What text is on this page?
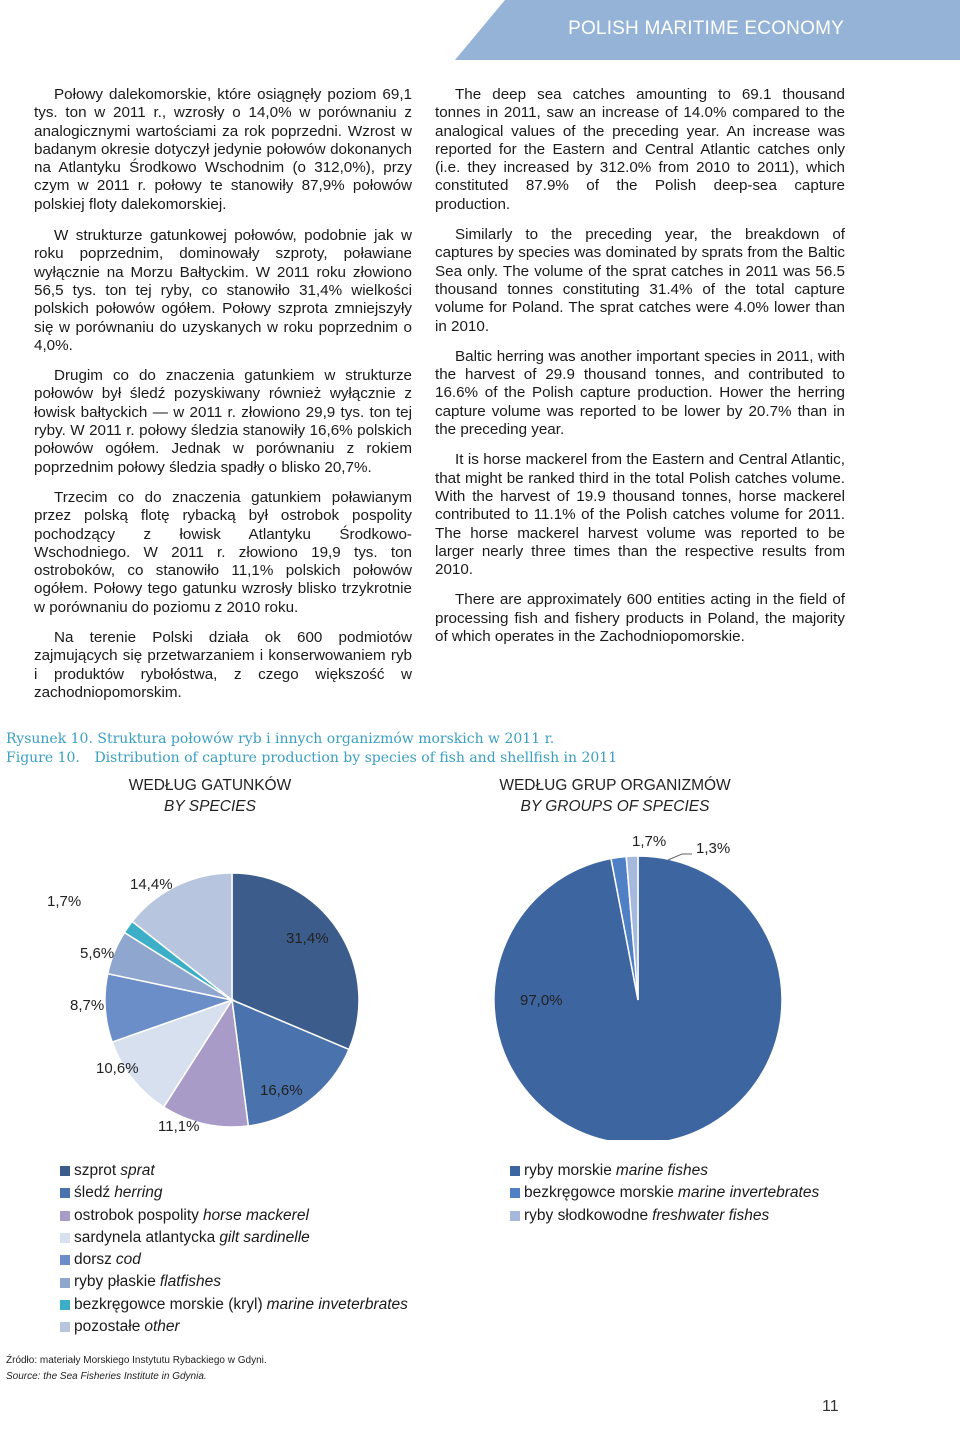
POLISH MARITIME ECONOMY

Połowy dalekomorskie, które osiągnęły poziom 69,1 tys. ton w 2011 r., wzrosły o 14,0% w porównaniu z analogicznymi wartościami za rok poprzedni. Wzrost w badanym okresie dotyczył jedynie połowów dokonanych na Atlantyku Środkowo Wschodnim (o 312,0%), przy czym w 2011 r. połowy te stanowiły 87,9% połowów polskiej floty dalekomorskiej.

W strukturze gatunkowej połowów, podobnie jak w roku poprzednim, dominowały szproty, poławiane wyłącznie na Morzu Bałtyckim. W 2011 roku złowiono 56,5 tys. ton tej ryby, co stanowiło 31,4% wielkości polskich połowów ogółem. Połowy szprota zmniejszyły się w porównaniu do uzyskanych w roku poprzednim o 4,0%.

Drugim co do znaczenia gatunkiem w strukturze połowów był śledź pozyskiwany również wyłącznie z łowisk bałtyckich — w 2011 r. złowiono 29,9 tys. ton tej ryby. W 2011 r. połowy śledzia stanowiły 16,6% polskich połowów ogółem. Jednak w porównaniu z rokiem poprzednim połowy śledzia spadły o blisko 20,7%.

Trzecim co do znaczenia gatunkiem poławianym przez polską flotę rybacką był ostrobok pospolity pochodzący z łowisk Atlantyku Środkowo- Wschodniego. W 2011 r. złowiono 19,9 tys. ton ostroboków, co stanowiło 11,1% polskich połowów ogółem. Połowy tego gatunku wzrosły blisko trzykrotnie w porównaniu do poziomu z 2010 roku.

Na terenie Polski działa ok 600 podmiotów zajmujących się przetwarzaniem i konserwowaniem ryb i produktów rybołóstwa, z czego większość w zachodniopomorskim.

The deep sea catches amounting to 69.1 thousand tonnes in 2011, saw an increase of 14.0% compared to the analogical values of the preceding year. An increase was reported for the Eastern and Central Atlantic catches only (i.e. they increased by 312.0% from 2010 to 2011), which constituted 87.9% of the Polish deep-sea capture production.

Similarly to the preceding year, the breakdown of captures by species was dominated by sprats from the Baltic Sea only. The volume of the sprat catches in 2011 was 56.5 thousand tonnes constituting 31.4% of the total capture volume for Poland. The sprat catches were 4.0% lower than in 2010.

Baltic herring was another important species in 2011, with the harvest of 29.9 thousand tonnes, and contributed to 16.6% of the Polish capture production. Hower the herring capture volume was reported to be lower by 20.7% than in the preceding year.

It is horse mackerel from the Eastern and Central Atlantic, that might be ranked third in the total Polish catches volume. With the harvest of 19.9 thousand tonnes, horse mackerel contributed to 11.1% of the Polish catches volume for 2011. The horse mackerel harvest volume was reported to be larger nearly three times than the respective results from 2010.

There are approximately 600 entities acting in the field of processing fish and fishery products in Poland, the majority of which operates in the Zachodniopomorskie.

Rysunek 10. Struktura połowów ryb i innych organizmów morskich w 2011 r.
Figure 10. Distribution of capture production by species of fish and shellfish in 2011
WEDŁUG GATUNKÓW
BY SPECIES
WEDŁUG GRUP ORGANIZMÓW
BY GROUPS OF SPECIES
31,4%
16,6%
11,1%
10,6%
8,7%
5,6%
1,7%
14,4%
97,0%
1,7% 1,3%
szprot sprat
śledź herring
ostrobok pospolity horse mackerel
sardynela atlantycka gilt sardinelle
dorsz cod
ryby płaskie flatfishes
bezkręgowce morskie (kryl) marine inveterbrates
pozostałe other
ryby morskie marine fishes
bezkręgowce morskie marine invertebrates
ryby słodkowodne freshwater fishes
Źródło: materiały Morskiego Instytutu Rybackiego w Gdyni.
Source: the Sea Fisheries Institute in Gdynia.
11
